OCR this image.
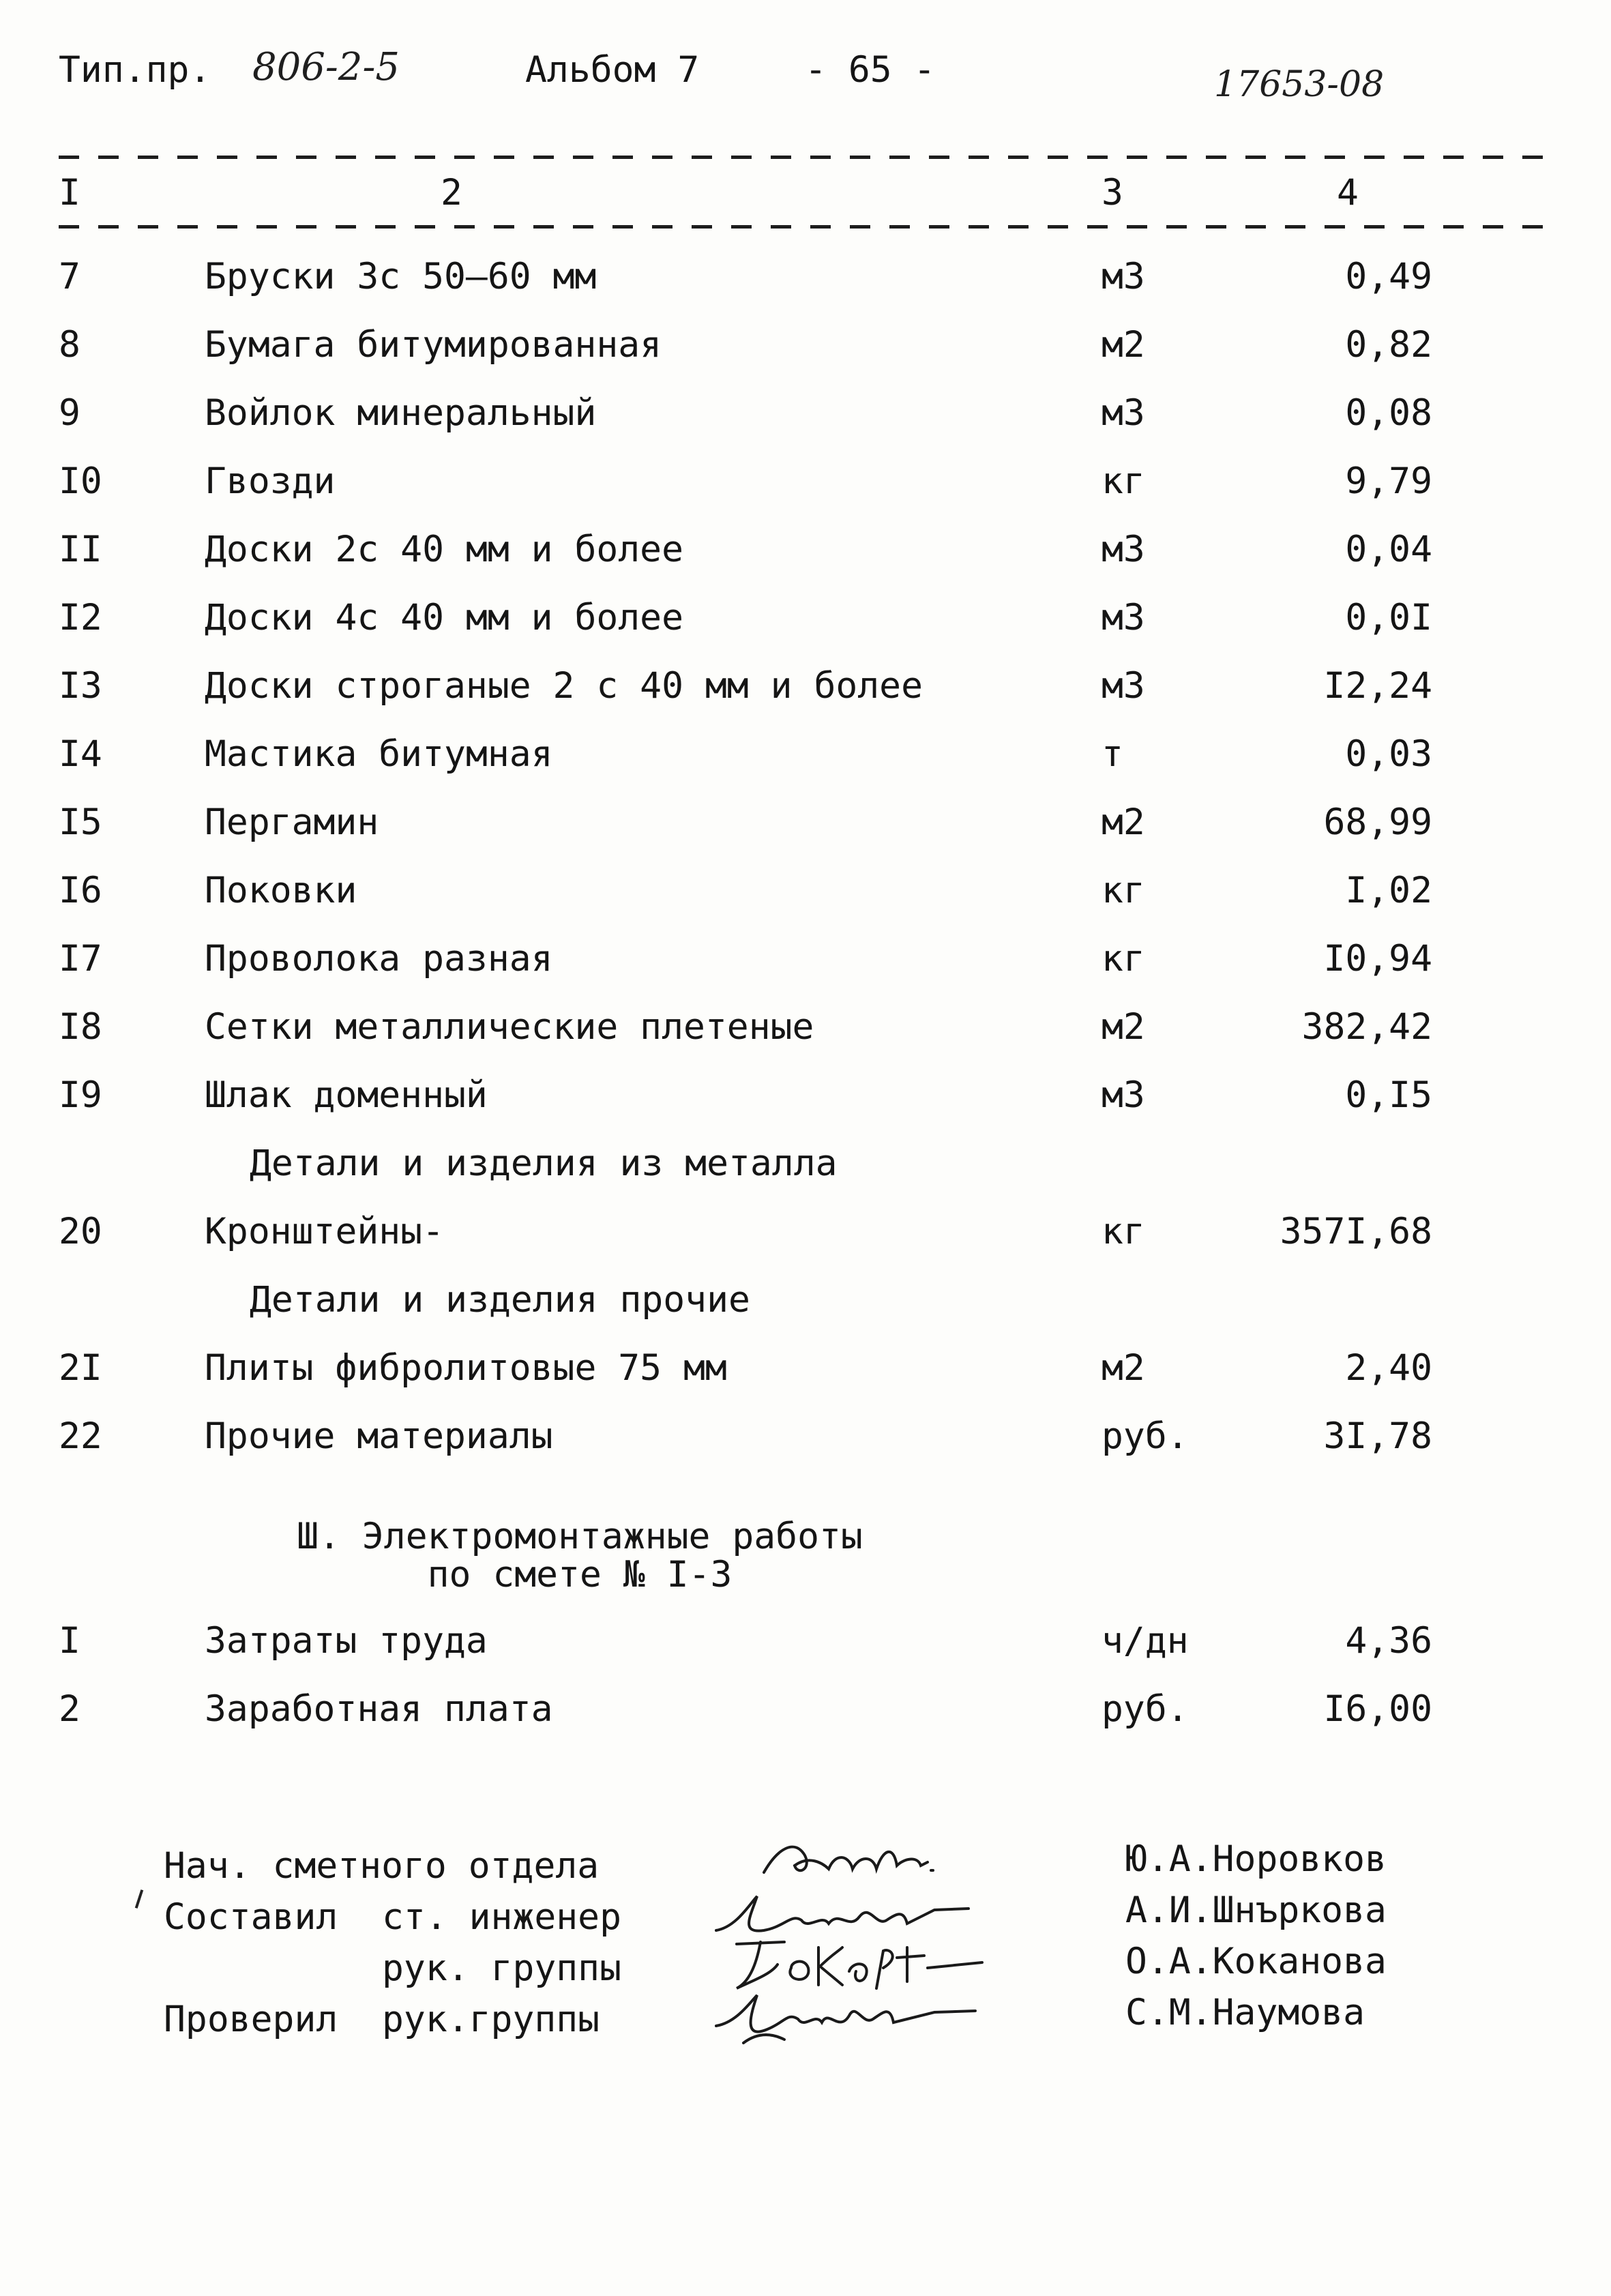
Тип.пр. 806-2-5	Альбом 7	- 65 -	17653-08
I	2	3	4
7	Бруски 3с 50–60 мм	м3	0,49
8	Бумага битумированная	м2	0,82
9	Войлок минеральный	м3	0,08
I0	Гвозди	кг	9,79
II	Доски 2с 40 мм и более	м3	0,04
I2	Доски 4с 40 мм и более	м3	0,0I
I3	Доски строганые 2 с 40 мм и более	м3	I2,24
I4	Мастика битумная	т	0,03
I5	Пергамин	м2	68,99
I6	Поковки	кг	I,02
I7	Проволока разная	кг	I0,94
I8	Сетки металлические плетеные	м2	382,42
I9	Шлак доменный	м3	0,I5
Детали и изделия из металла
20	Кронштейны-	кг	357I,68
Детали и изделия прочие
2I	Плиты фибролитовые 75 мм	м2	2,40
22	Прочие материалы	руб.	3I,78
Ш. Электромонтажные работы
по смете № I-3
I	Затраты труда	ч/дн	4,36
2	Заработная плата	руб.	I6,00
Нач. сметного отдела
Составил ст. инженер
рук. группы
Проверил рук.группы
Ю.А.Норовков
А.И.Шнъркова
О.А.Коканова
С.М.Наумова
